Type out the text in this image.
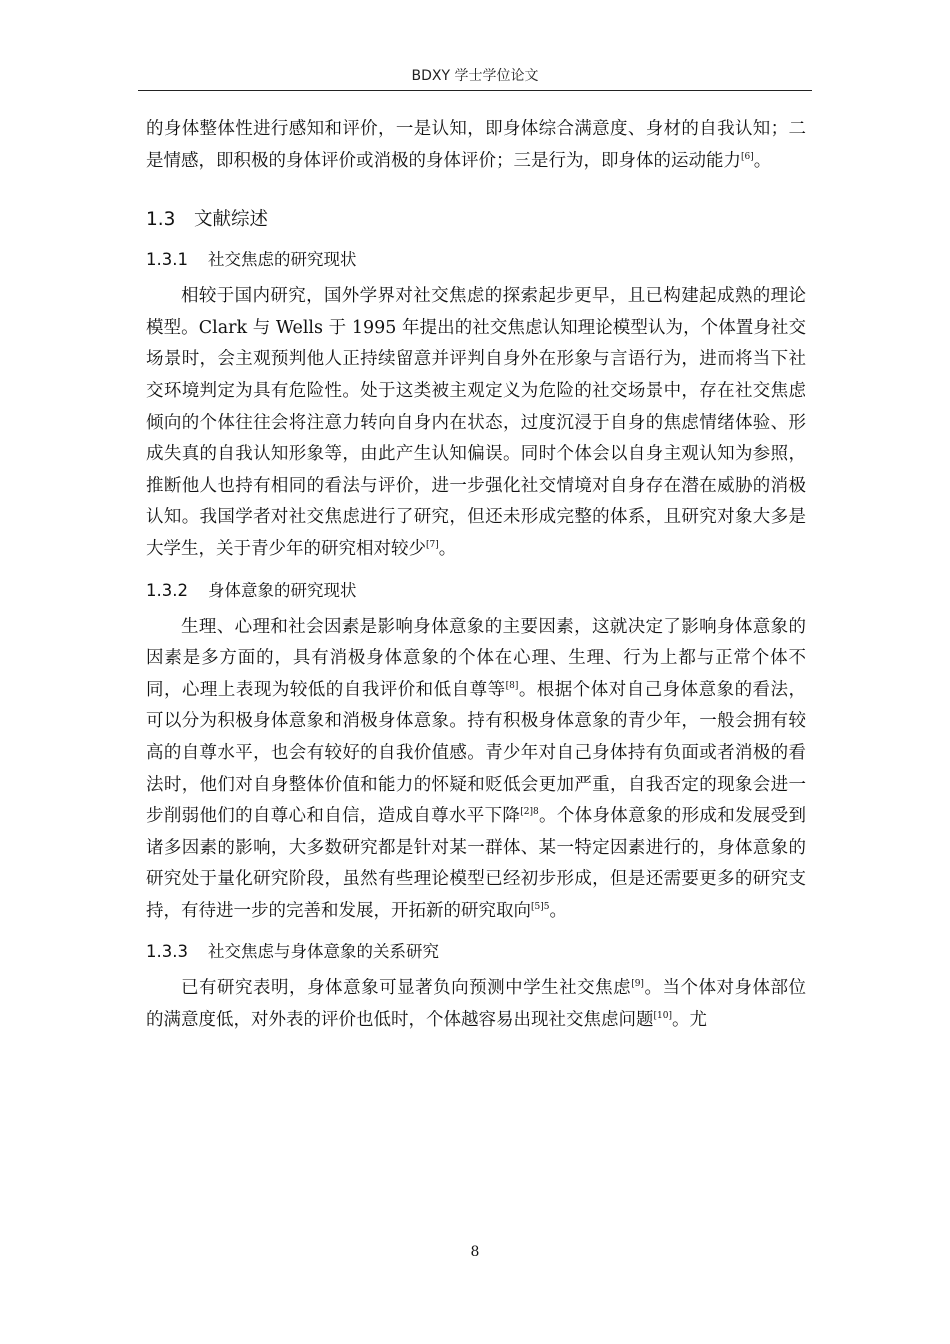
BDXY 学士学位论文

的身体整体性进行感知和评价，一是认知，即身体综合满意度、身材的自我认知；二是情感，即积极的身体评价或消极的身体评价；三是行为，即身体的运动能力[6]。

1.3 文献综述
1.3.1 社交焦虑的研究现状

相较于国内研究，国外学界对社交焦虑的探索起步更早，且已构建起成熟的理论模型。Clark 与 Wells 于 1995 年提出的社交焦虑认知理论模型认为，个体置身社交场景时，会主观预判他人正持续留意并评判自身外在形象与言语行为，进而将当下社交环境判定为具有危险性。处于这类被主观定义为危险的社交场景中，存在社交焦虑倾向的个体往往会将注意力转向自身内在状态，过度沉浸于自身的焦虑情绪体验、形成失真的自我认知形象等，由此产生认知偏误。同时个体会以自身主观认知为参照，推断他人也持有相同的看法与评价，进一步强化社交情境对自身存在潜在威胁的消极认知。我国学者对社交焦虑进行了研究，但还未形成完整的体系，且研究对象大多是大学生，关于青少年的研究相对较少[7]。

1.3.2 身体意象的研究现状

生理、心理和社会因素是影响身体意象的主要因素，这就决定了影响身体意象的因素是多方面的，具有消极身体意象的个体在心理、生理、行为上都与正常个体不同，心理上表现为较低的自我评价和低自尊等[8]。根据个体对自己身体意象的看法，可以分为积极身体意象和消极身体意象。持有积极身体意象的青少年，一般会拥有较高的自尊水平，也会有较好的自我价值感。青少年对自己身体持有负面或者消极的看法时，他们对自身整体价值和能力的怀疑和贬低会更加严重，自我否定的现象会进一步削弱他们的自尊心和自信，造成自尊水平下降$^{[2]8}$。个体身体意象的形成和发展受到诸多因素的影响，大多数研究都是针对某一群体、某一特定因素进行的，身体意象的研究处于量化研究阶段，虽然有些理论模型已经初步形成，但是还需要更多的研究支持，有待进一步的完善和发展，开拓新的研究取向$^{[5]5}$。

1.3.3 社交焦虑与身体意象的关系研究

已有研究表明，身体意象可显著负向预测中学生社交焦虑[9]。当个体对身体部位的满意度低，对外表的评价也低时，个体越容易出现社交焦虑问题[10]。尤

8
